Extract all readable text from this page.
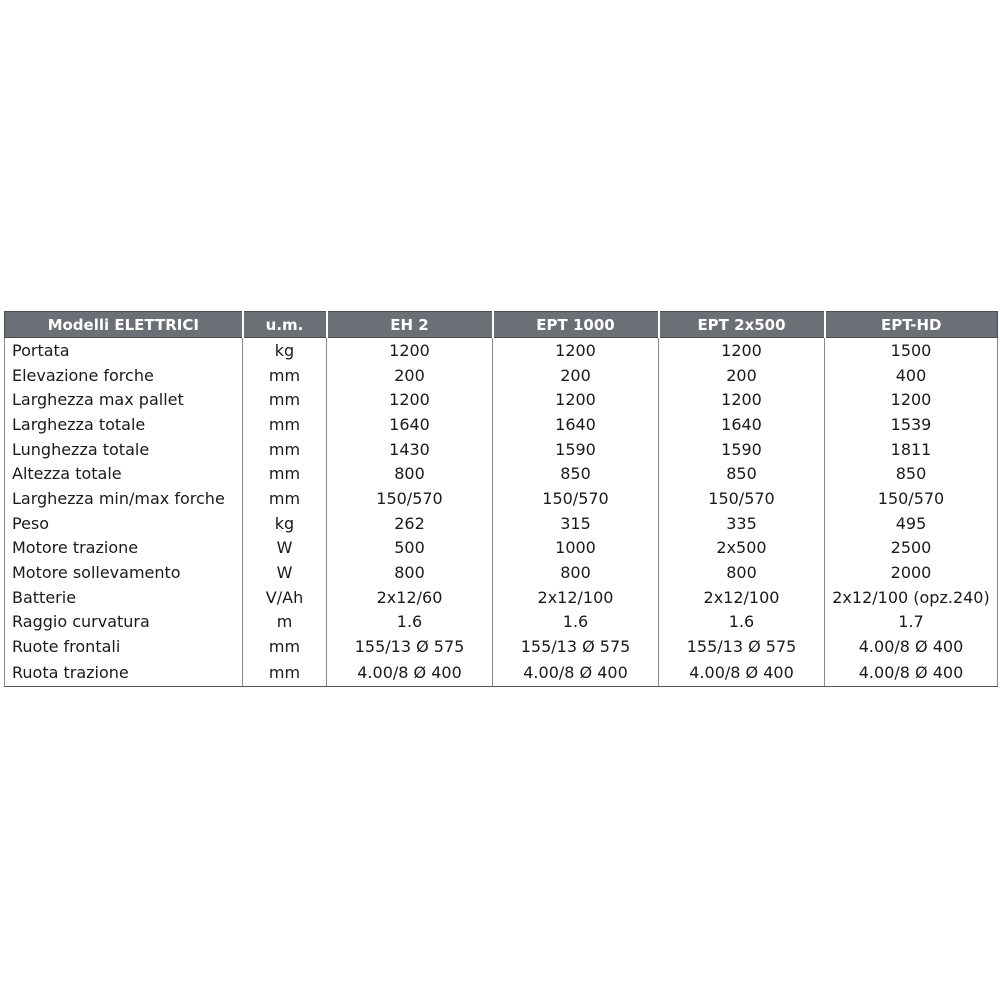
Modelli ELETTRICI	u.m.	EH 2	EPT 1000	EPT 2x500	EPT-HD
Portata	kg	1200	1200	1200	1500
Elevazione forche	mm	200	200	200	400
Larghezza max pallet	mm	1200	1200	1200	1200
Larghezza totale	mm	1640	1640	1640	1539
Lunghezza totale	mm	1430	1590	1590	1811
Altezza totale	mm	800	850	850	850
Larghezza min/max forche	mm	150/570	150/570	150/570	150/570
Peso	kg	262	315	335	495
Motore trazione	W	500	1000	2x500	2500
Motore sollevamento	W	800	800	800	2000
Batterie	V/Ah	2x12/60	2x12/100	2x12/100	2x12/100 (opz.240)
Raggio curvatura	m	1.6	1.6	1.6	1.7
Ruote frontali	mm	155/13 Ø 575	155/13 Ø 575	155/13 Ø 575	4.00/8 Ø 400
Ruota trazione	mm	4.00/8 Ø 400	4.00/8 Ø 400	4.00/8 Ø 400	4.00/8 Ø 400
